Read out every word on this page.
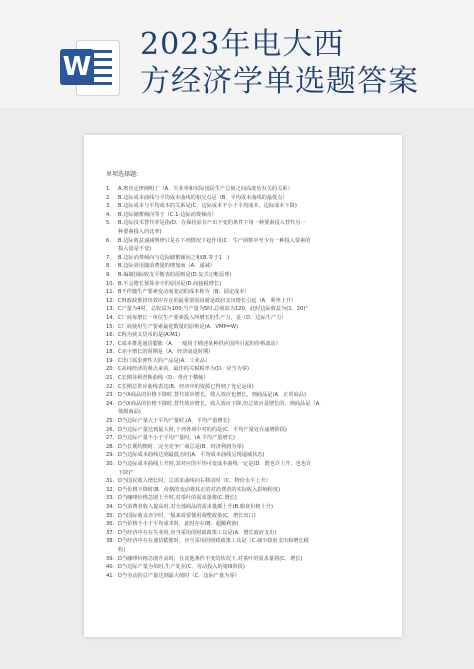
W
2023年电大西
方经济学单选题答案
单项选择题:
1.	A.奥肯定律阐明了（A．失业率和实际国民生产总值之间高度负有关的关系）
2.	B.边际成本曲线与平均成本曲线的相交点是（B．平均成本曲线的最低点）
3.	B.边际成本与平均成本的关系是(C．边际成本不小于平均成本，边际成本下降)
4.	B.边际储蓄倾向等于（C.1-边际消费倾向）
5.	B.边际技术替代率是指(D．在保持原有产出不变的条件下用一种要素投入替代另一
种要素投入的比率)
6.	B.边际收益递减规律只是在下列情况下起作用(C．生产函数中至少有一种投入要素的
投入量是不变)
7.	B.边际消费倾向与边际储蓄倾向之和(B.等于1　)
8.	B.边际效用随消费量的增加而（A．递减）
9.	B.编制国际收支平衡表的原则是(D.复式记帐原理)
10. B.不会增长预算赤字的原因是(D.间接税增长)
11. B不伴随生产要素变动而变动的成本称为（B．固定成本）
12. C财政政策挤出效应存在的最重要原因就是政府支出增长引起（A．利率上升）
13. C产量为4时，总收益为100;当产量为5时,总收益为120，此时边际收益为(1．20)"
14. C厂商每增长一单位生产要素投入所增长的生产力，是（D．边际生产力）
15. C厂商使用生产要素最优数量的原则是(A．VMP=W)
16. C称为狭义货币的是(A.M1)
17. C成本推进通货膨胀（A．一般用于描述某种供应国所引起的价格波动）
18. C赤字增长的时期是（A．经济衰退时期）
19. C出口需求弹性大的产品是(A．工业品）
20. C从纯经济的观点来看，最佳的关税税率为(D．应当为零)
21. C长期菲利普斯曲线（D．垂直于横轴）
22. C长期总供应曲线表达(B．经济中的资源已得到了充足运用)
23. D当X商品的价格下降时,替代效应增长，收入效应也增长，则商品是(A．正常商品)
24. D当X商品的价格下降时,替代效应增长，收入效应下降,但总效应是增长的，则商品是（A．
低级商品)
25. D当边际产量大于平均产量时,(A．平均产量增长)
26. D当边际产量达到最大时,下列各项中对的的是(C．平均产量处在递增阶段)
27. D当边际产量不小于平均产量时，(A.平均产量增长)
28. D当长期均衡时，完全竞争厂商总是(B．经济利润为零)
29. D当边际成本曲线达到最低点时(A．平均成本曲线呈现递减状态)
30. D当边际成本曲线上升时,其对应的平均可变成本曲线一定是(D．既也许上升，也也许
下降)"
31. D当国民收入增长时，总需求曲线向右移动时（C．物价水平上升）
32. D当价格下降时(B．价格的变动将其正的对消费者的实际收入影响程度)
33. D当咖啡价格急剧上升时,对茶叶的需求量将(C.增长)
34. D当消费者收入提高时,对全部商品的需求量都上升(B.粮食价格上升)
35. D当国际收支赤字时,一般来说要使用调整政策(C．增长出口)
36. D当价格不小于平均成本时，此时存在(B．超额利润)
37. D当经济中存在失业时,应当采用的财政政策工具是(A．增长政府支出)
38. D当经济中存在通货膨胀时，应当采用的财政政策工具是（C.减少政府支出和增长税
收)
39. D当咖啡价格急剧升高时，在其他条件不变的状况下,对茶叶的需求量将(C．增长)
40. D当边际产量为负时,生产处在(C．劳动投入的第III阶段)
41. D当劳动的总产量达到最大值时（C．边际产量为零）
